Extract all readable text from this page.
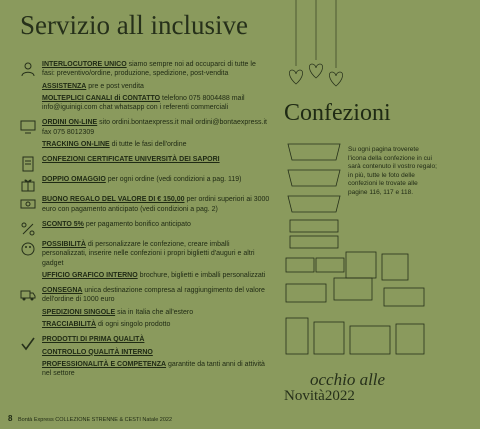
Servizio all inclusive

INTERLOCUTORE UNICO siamo sempre noi ad occuparci di tutte le fasi: preventivo/ordine, produzione, spedizione, post-vendita

ASSISTENZA pre e post vendita

MOLTEPLICI CANALI di CONTATTO telefono 075 8004488 mail info@iguinigi.com chat whatsapp con i referenti commerciali

ORDINI ON-LINE sito ordini.bontaexpress.it mail ordini@bontaexpress.it fax 075 8012309

TRACKING ON-LINE di tutte le fasi dell'ordine

CONFEZIONI CERTIFICATE UNIVERSITÀ DEI SAPORI

DOPPIO OMAGGIO per ogni ordine (vedi condizioni a pag. 119)

BUONO REGALO DEL VALORE DI € 150,00 per ordini superiori ai 3000 euro con pagamento anticipato (vedi condizioni a pag. 2)

SCONTO 5% per pagamento bonifico anticipato

POSSIBILITÀ di personalizzare le confezione, creare imballi personalizzati, inserire nelle confezioni i propri biglietti d'auguri e altri gadget

UFFICIO GRAFICO INTERNO brochure, biglietti e imballi personalizzati

CONSEGNA unica destinazione compresa al raggiungimento del valore dell'ordine di 1000 euro

SPEDIZIONI SINGOLE sia in Italia che all'estero

TRACCIABILITÀ di ogni singolo prodotto

PRODOTTI DI PRIMA QUALITÀ

CONTROLLO QUALITÀ INTERNO

PROFESSIONALITÀ E COMPETENZA garantite da tanti anni di attività nel settore

Confezioni
Su ogni pagina troverete l'icona della confezione in cui sarà contenuto il vostro regalo; in più, tutte le foto delle confezioni le trovate alle pagine 116, 117 e 118.
occhio alle
Novità2022
8 Bontà Express COLLEZIONE STRENNE & CESTI Natale 2022
